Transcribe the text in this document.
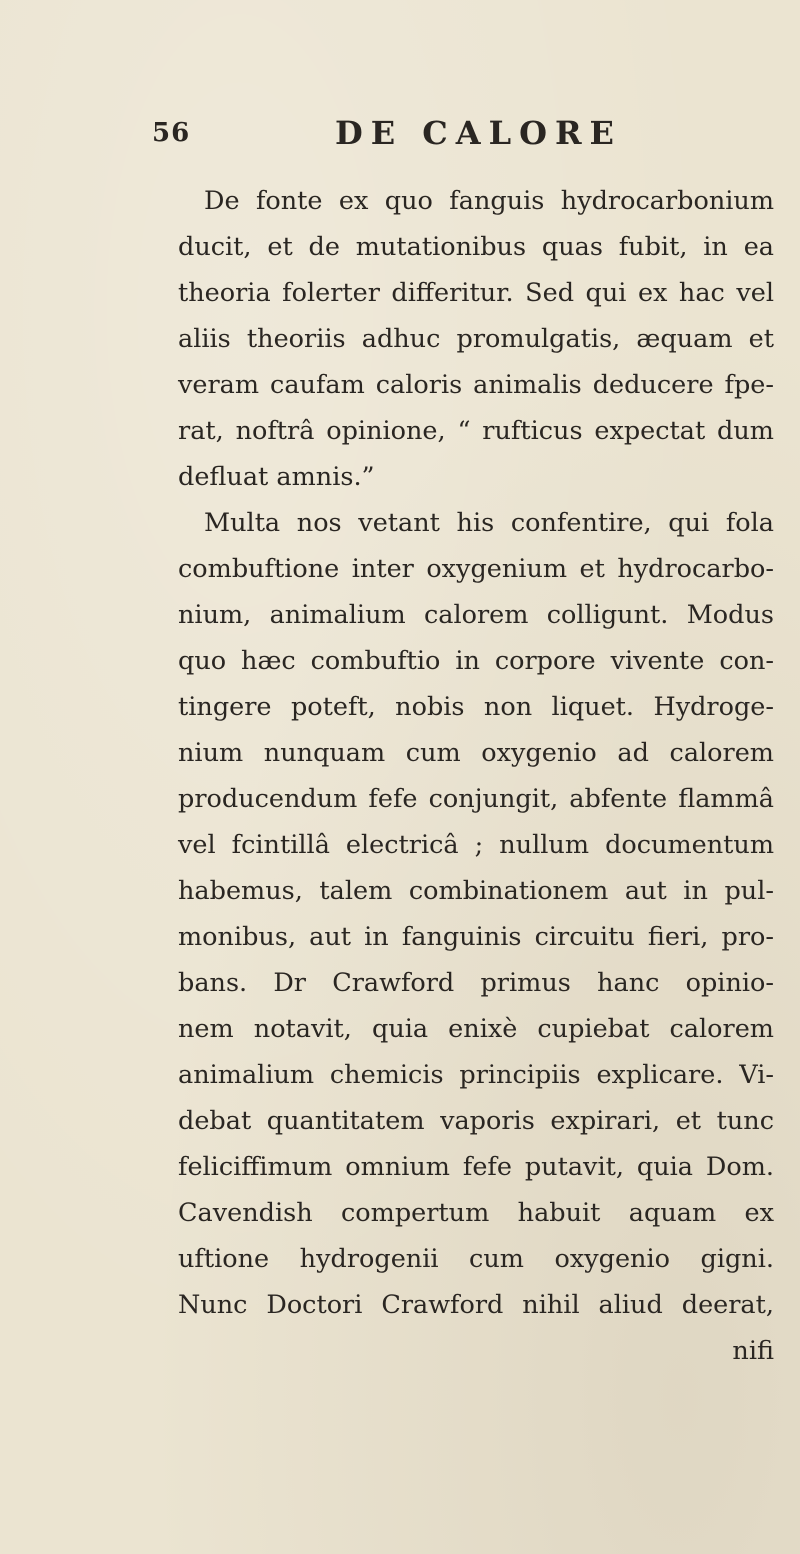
56	DE CALORE
De fonte ex quo fanguis hydrocarbonium
ducit, et de mutationibus quas fubit, in ea
theoria folerter differitur. Sed qui ex hac vel
aliis theoriis adhuc promulgatis, æquam et
veram caufam caloris animalis deducere fpe-
rat, noftrâ opinione, “ rufticus expectat dum
defluat amnis.”
Multa nos vetant his confentire, qui fola
combuftione inter oxygenium et hydrocarbo-
nium, animalium calorem colligunt. Modus
quo hæc combuftio in corpore vivente con-
tingere poteft, nobis non liquet. Hydroge-
nium nunquam cum oxygenio ad calorem
producendum fefe conjungit, abfente flammâ
vel fcintillâ electricâ ; nullum documentum
habemus, talem combinationem aut in pul-
monibus, aut in fanguinis circuitu fieri, pro-
bans. Dr Crawford primus hanc opinio-
nem notavit, quia enixè cupiebat calorem
animalium chemicis principiis explicare. Vi-
debat quantitatem vaporis expirari, et tunc
feliciffimum omnium fefe putavit, quia Dom.
Cavendish compertum habuit aquam ex
uftione hydrogenii cum oxygenio gigni.
Nunc Doctori Crawford nihil aliud deerat,
nifi
